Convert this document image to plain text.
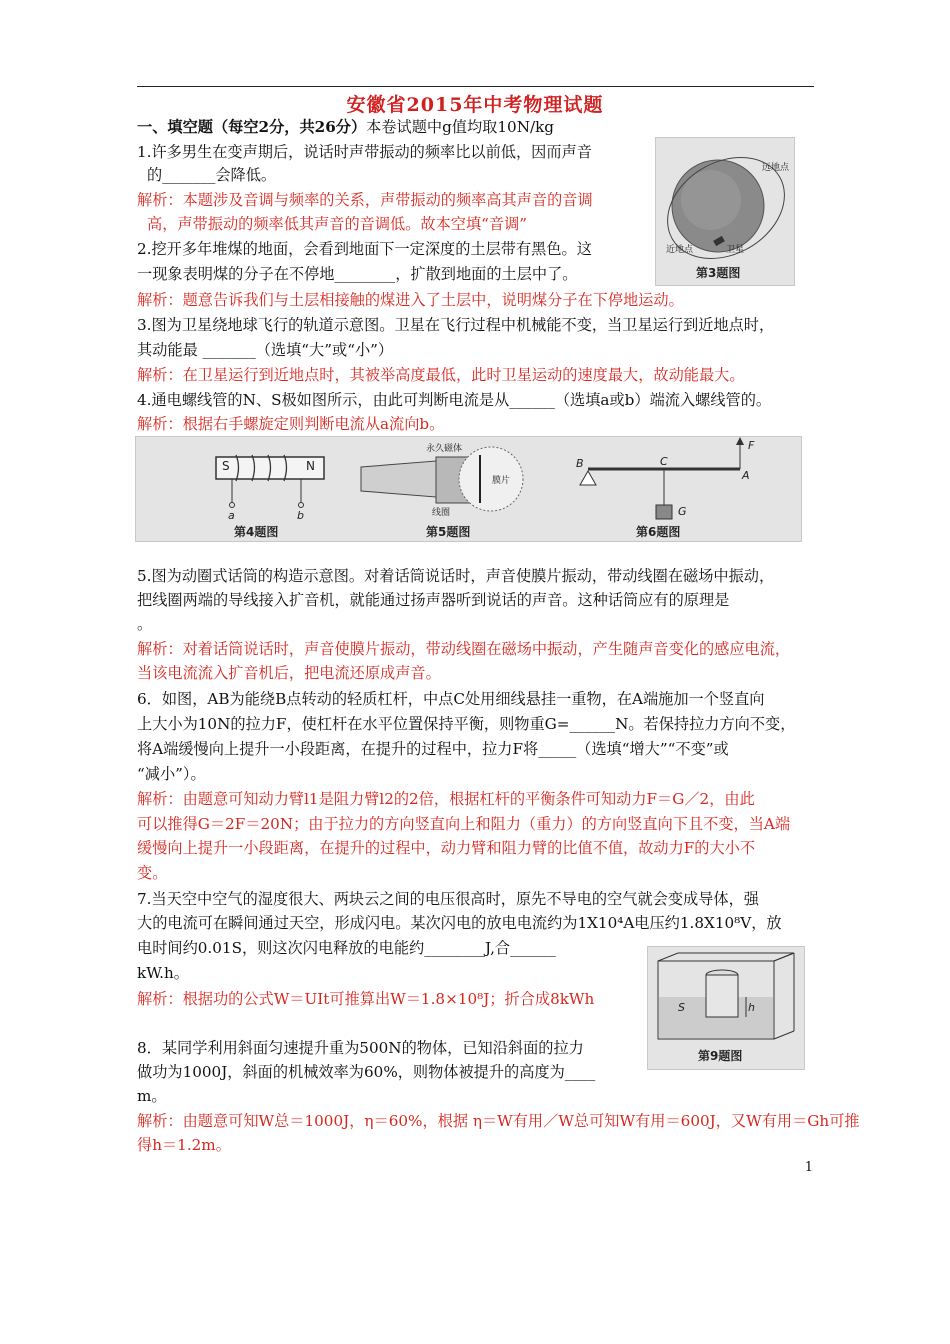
安徽省2015年中考物理试题
一、填空题（每空2分，共26分）本卷试题中g值均取10N/kg
1.许多男生在变声期后，说话时声带振动的频率比以前低，因而声音
的_______会降低。
解析：本题涉及音调与频率的关系，声带振动的频率高其声音的音调
高，声带振动的频率低其声音的音调低。故本空填“音调”
2.挖开多年堆煤的地面，会看到地面下一定深度的土层带有黑色。这
一现象表明煤的分子在不停地________，扩散到地面的土层中了。
解析：题意告诉我们与土层相接触的煤进入了土层中，说明煤分子在下停地运动。
3.图为卫星绕地球飞行的轨道示意图。卫星在飞行过程中机械能不变，当卫星运行到近地点时，
其动能最 _______（选填“大”或“小”）
解析：在卫星运行到近地点时，其被举高度最低，此时卫星运动的速度最大，故动能最大。
4.通电螺线管的N、S极如图所示，由此可判断电流是从______（选填a或b）端流入螺线管的。
解析：根据右手螺旋定则判断电流从a流向b。
远地点
近地点	卫星
第3题图
S	N
a	b
第4题图
永久磁体
膜片
线圈
第5题图
B	C
F
A
G
第6题图
5.图为动圈式话筒的构造示意图。对着话筒说话时，声音使膜片振动，带动线圈在磁场中振动，
把线圈两端的导线接入扩音机，就能通过扬声器听到说话的声音。这种话筒应有的原理是
。
解析：对着话筒说话时，声音使膜片振动，带动线圈在磁场中振动，产生随声音变化的感应电流，
当该电流流入扩音机后，把电流还原成声音。
6．如图，AB为能绕B点转动的轻质杠杆，中点C处用细线悬挂一重物，在A端施加一个竖直向
上大小为10N的拉力F，使杠杆在水平位置保持平衡，则物重G=______N。若保持拉力方向不变，
将A端缓慢向上提升一小段距离，在提升的过程中，拉力F将_____（选填“增大”“不变”或
“减小”）。
解析：由题意可知动力臂l1是阻力臂l2的2倍，根据杠杆的平衡条件可知动力F＝G／2，由此
可以推得G＝2F＝20N；由于拉力的方向竖直向上和阻力（重力）的方向竖直向下且不变，当A端
缓慢向上提升一小段距离，在提升的过程中，动力臂和阻力臂的比值不值，故动力F的大小不
变。
7.当天空中空气的湿度很大、两块云之间的电压很高时，原先不导电的空气就会变成导体，强
大的电流可在瞬间通过天空，形成闪电。某次闪电的放电电流约为1X10⁴A电压约1.8X10⁸V，放
电时间约0.01S，则这次闪电释放的电能约________J,合______
kW.h。
解析：根据功的公式W＝UIt可推算出W＝1.8×10⁸J；折合成8kWh	S	h
第9题图
8．某同学利用斜面匀速提升重为500N的物体，已知沿斜面的拉力
做功为1000J，斜面的机械效率为60%，则物体被提升的高度为____
m。
解析：由题意可知W总＝1000J，η＝60%，根据 η＝W有用／W总可知W有用＝600J，又W有用＝Gh可推
得h＝1.2m。
1
